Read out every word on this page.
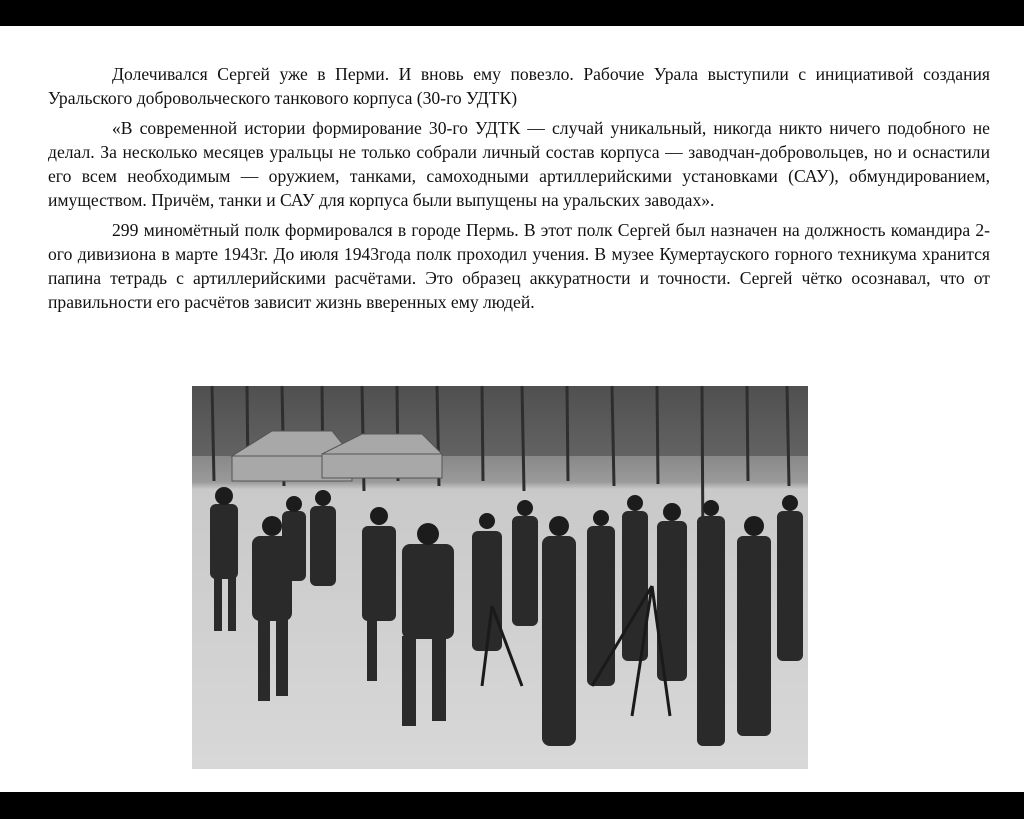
Долечивался Сергей уже в Перми. И вновь ему повезло. Рабочие Урала выступили с инициативой создания Уральского добровольческого танкового корпуса (30-го УДТК)

«В современной истории формирование 30-го УДТК — случай уникальный, никогда никто ничего подобного не делал. За несколько месяцев уральцы не только собрали личный состав корпуса — заводчан-добровольцев, но и оснастили его всем необходимым — оружием, танками, самоходными артиллерийскими установками (САУ), обмундированием, имуществом. Причём, танки и САУ для корпуса были выпущены на уральских заводах».

299 миномётный полк формировался в городе Пермь. В этот полк Сергей был назначен на должность командира 2-ого дивизиона в марте 1943г. До июля 1943года полк проходил учения. В музее Кумертауского горного техникума хранится папина тетрадь с артиллерийскими расчётами. Это образец аккуратности и точности. Сергей чётко осознавал, что от правильности его расчётов зависит жизнь вверенных ему людей.
